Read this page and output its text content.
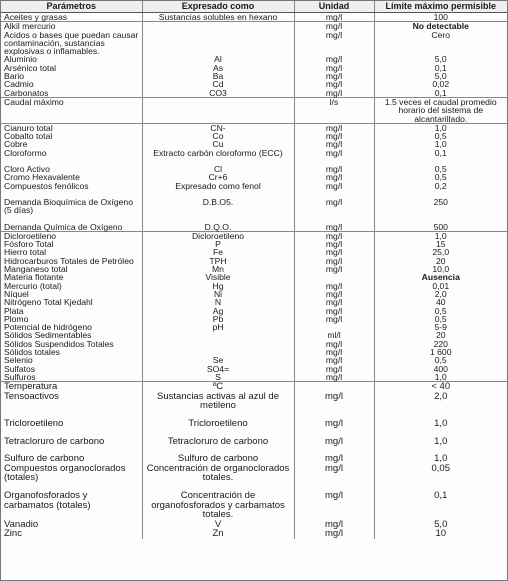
Parámetros	Expresado como	Unidad	Límite máximo permisible
Aceites y grasas	Sustancias solubles en hexano	mg/l	100
Alkil mercurio		mg/l	No detectable
Acidos o bases que puedan causar contaminación, sustancias explosivas o inflamables.		mg/l	Cero
Aluminio	Al	mg/l	5,0
Arsénico total	As	mg/l	0,1
Bario	Ba	mg/l	5,0
Cadmio	Cd	mg/l	0,02
Carbonatos	CO3	mg/l	0,1
Caudal máximo		l/s	1.5 veces el caudal promedio horario del sistema de alcantarillado.
Cianuro total	CN-	mg/l	1,0
Cobalto total	Co	mg/l	0,5
Cobre	Cu	mg/l	1,0
Cloroformo	Extracto carbón cloroformo (ECC)	mg/l	0,1

Cloro Activo	Cl	mg/l	0,5
Cromo Hexavalente	Cr+6	mg/l	0,5
Compuestos fenólicos	Expresado como fenol	mg/l	0,2

Demanda Bioquímica de Oxígeno (5 días)	D.B.O5.	mg/l	250

Demanda Química de Oxígeno	D.Q.O.	mg/l	500
Dicloroetileno	Dicloroetileno	mg/l	1,0
Fósforo Total	P	mg/l	15
Hierro total	Fe	mg/l	25,0
Hidrocarburos Totales de Petróleo	TPH	mg/l	20
Manganeso total	Mn	mg/l	10,0
Materia flotante	Visible		Ausencia
Mercurio (total)	Hg	mg/l	0,01
Níquel	Ni	mg/l	2,0
Nitrógeno Total Kjedahl	N	mg/l	40
Plata	Ag	mg/l	0,5
Plomo	Pb	mg/l	0,5
Potencial de hidrógeno	pH		5-9
Sólidos Sedimentables		ml/l	20
Sólidos Suspendidos Totales		mg/l	220
Sólidos totales		mg/l	1 600
Selenio	Se	mg/l	0,5
Sulfatos	SO4=	mg/l	400
Sulfuros	S	mg/l	1,0
Temperatura	ºC		< 40
Tensoactivos	Sustancias activas al azul de metileno	mg/l	2,0

Tricloroetileno	Tricloroetileno	mg/l	1,0

Tetracloruro de carbono	Tetracloruro de carbono	mg/l	1,0

Sulfuro de carbono	Sulfuro de carbono	mg/l	1,0
Compuestos organoclorados (totales)	Concentración de organoclorados totales.	mg/l	0,05

Organofosforados y carbamatos (totales)	Concentración de organofosforados y carbamatos totales.	mg/l	0,1
Vanadio	V	mg/l	5,0
Zinc	Zn	mg/l	10
